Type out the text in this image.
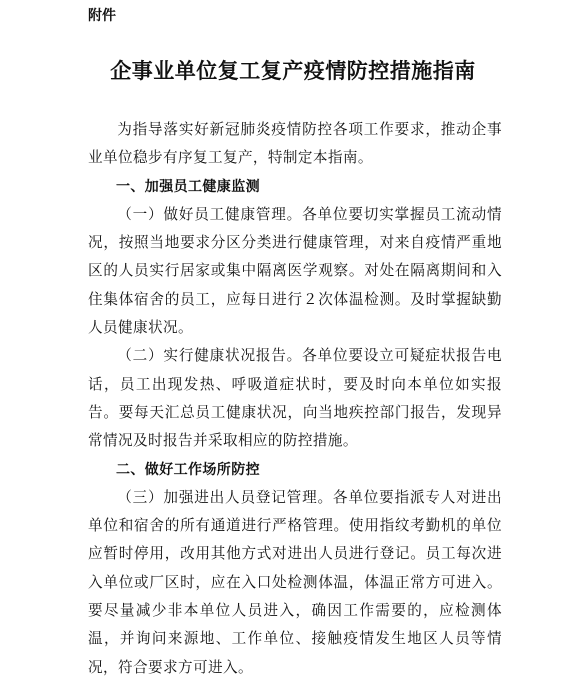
附件
企事业单位复工复产疫情防控措施指南

为指导落实好新冠肺炎疫情防控各项工作要求，推动企事业单位稳步有序复工复产，特制定本指南。

一、加强员工健康监测

（一）做好员工健康管理。各单位要切实掌握员工流动情况，按照当地要求分区分类进行健康管理，对来自疫情严重地区的人员实行居家或集中隔离医学观察。对处在隔离期间和入住集体宿舍的员工，应每日进行２次体温检测。及时掌握缺勤人员健康状况。

（二）实行健康状况报告。各单位要设立可疑症状报告电话，员工出现发热、呼吸道症状时，要及时向本单位如实报告。要每天汇总员工健康状况，向当地疾控部门报告，发现异常情况及时报告并采取相应的防控措施。

二、做好工作场所防控

（三）加强进出人员登记管理。各单位要指派专人对进出单位和宿舍的所有通道进行严格管理。使用指纹考勤机的单位应暂时停用，改用其他方式对进出人员进行登记。员工每次进入单位或厂区时，应在入口处检测体温，体温正常方可进入。要尽量减少非本单位人员进入，确因工作需要的，应检测体温，并询问来源地、工作单位、接触疫情发生地区人员等情况，符合要求方可进入。
